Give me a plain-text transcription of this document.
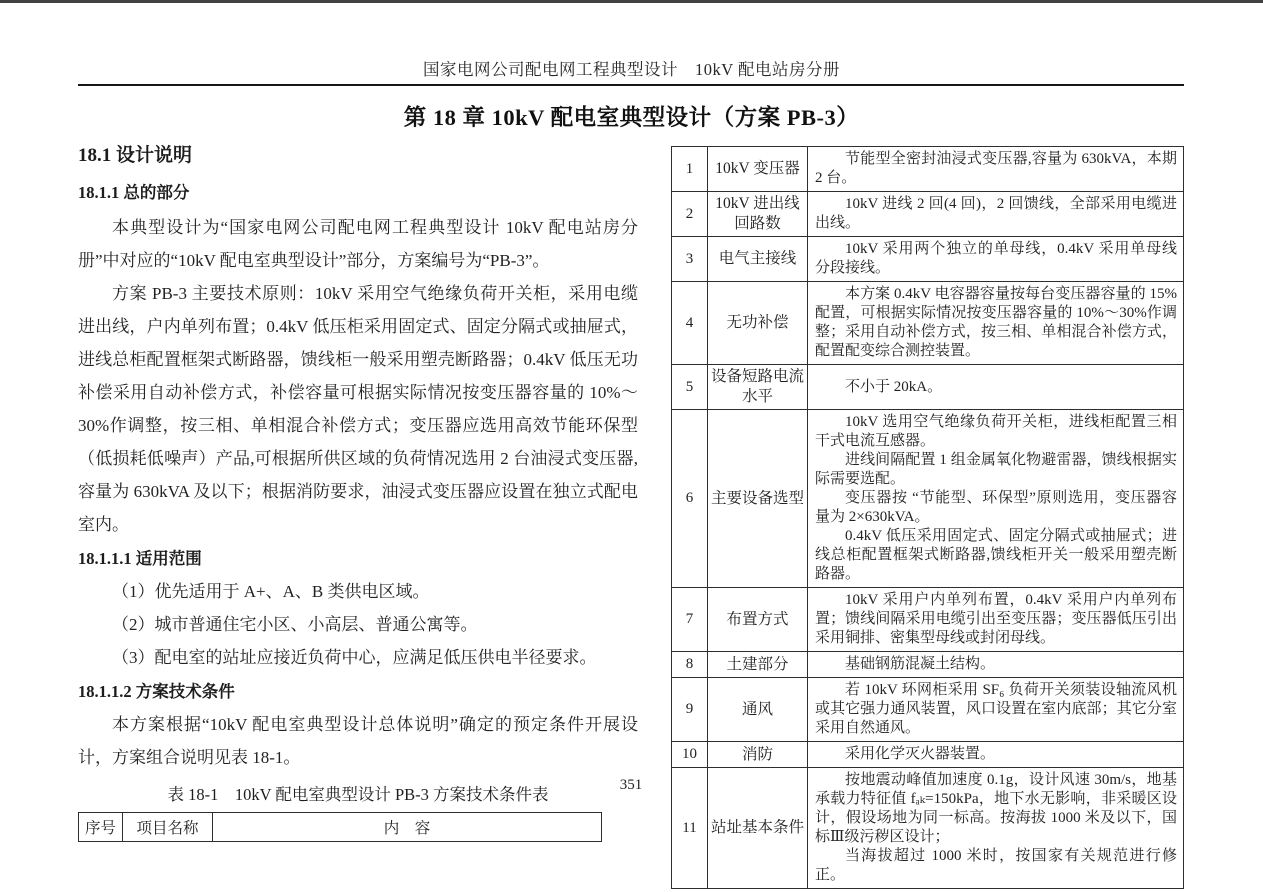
国家电网公司配电网工程典型设计　10kV 配电站房分册
第 18 章 10kV 配电室典型设计（方案 PB-3）
18.1 设计说明
18.1.1 总的部分

本典型设计为“国家电网公司配电网工程典型设计 10kV 配电站房分册”中对应的“10kV 配电室典型设计”部分，方案编号为“PB-3”。

方案 PB-3 主要技术原则：10kV 采用空气绝缘负荷开关柜，采用电缆进出线，户内单列布置；0.4kV 低压柜采用固定式、固定分隔式或抽屉式，进线总柜配置框架式断路器，馈线柜一般采用塑壳断路器；0.4kV 低压无功补偿采用自动补偿方式，补偿容量可根据实际情况按变压器容量的 10%～30%作调整，按三相、单相混合补偿方式；变压器应选用高效节能环保型（低损耗低噪声）产品,可根据所供区域的负荷情况选用 2 台油浸式变压器,容量为 630kVA 及以下；根据消防要求，油浸式变压器应设置在独立式配电室内。

18.1.1.1 适用范围

（1）优先适用于 A+、A、B 类供电区域。

（2）城市普通住宅小区、小高层、普通公寓等。

（3）配电室的站址应接近负荷中心，应满足低压供电半径要求。

18.1.1.2 方案技术条件

本方案根据“10kV 配电室典型设计总体说明”确定的预定条件开展设计，方案组合说明见表 18-1。

表 18-1　10kV 配电室典型设计 PB-3 方案技术条件表
序号	项目名称	内　容
1	10kV 变压器	节能型全密封油浸式变压器,容量为 630kVA，本期 2 台。

2	10kV 进出线回路数	10kV 进线 2 回(4 回)，2 回馈线，全部采用电缆进出线。

3	电气主接线	10kV 采用两个独立的单母线，0.4kV 采用单母线分段接线。

4	无功补偿	本方案 0.4kV 电容器容量按每台变压器容量的 15%配置，可根据实际情况按变压器容量的 10%～30%作调整；采用自动补偿方式，按三相、单相混合补偿方式，配置配变综合测控装置。

5	设备短路电流水平	不小于 20kA。

6	主要设备选型	10kV 选用空气绝缘负荷开关柜，进线柜配置三相干式电流互感器。

进线间隔配置 1 组金属氧化物避雷器，馈线根据实际需要选配。

变压器按 “节能型、环保型”原则选用，变压器容量为 2×630kVA。

0.4kV 低压采用固定式、固定分隔式或抽屉式；进线总柜配置框架式断路器,馈线柜开关一般采用塑壳断路器。

7	布置方式	10kV 采用户内单列布置，0.4kV 采用户内单列布置；馈线间隔采用电缆引出至变压器；变压器低压引出采用铜排、密集型母线或封闭母线。

8	土建部分	基础钢筋混凝土结构。

9	通风	若 10kV 环网柜采用 SF₆ 负荷开关须装设轴流风机或其它强力通风装置，风口设置在室内底部；其它分室采用自然通风。

10	消防	采用化学灭火器装置。

11	站址基本条件	按地震动峰值加速度 0.1g，设计风速 30m/s，地基承载力特征值 fₐₖ=150kPa，地下水无影响，非采暖区设计，假设场地为同一标高。按海拔 1000 米及以下，国标Ⅲ级污秽区设计；

当海拔超过 1000 米时，按国家有关规范进行修正。

351
